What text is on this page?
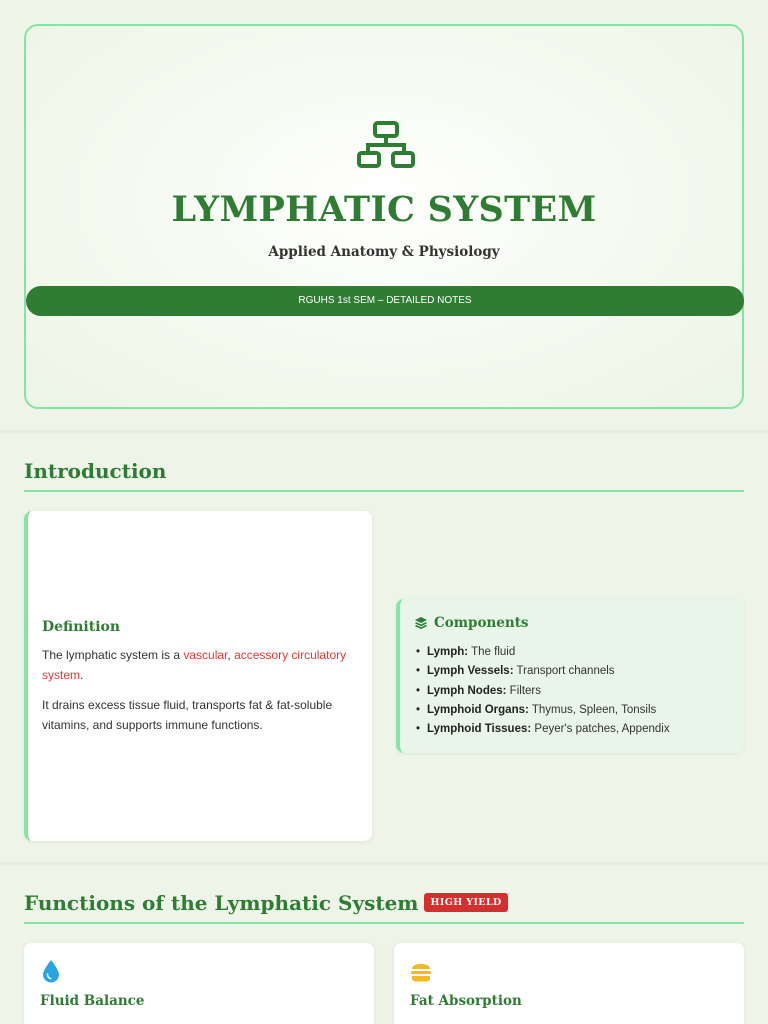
LYMPHATIC SYSTEM
Applied Anatomy & Physiology
RGUHS 1st SEM – DETAILED NOTES
Introduction
Definition

The lymphatic system is a vascular, accessory circulatory system.

It drains excess tissue fluid, transports fat & fat-soluble vitamins, and supports immune functions.

Components
• Lymph: The fluid
• Lymph Vessels: Transport channels
• Lymph Nodes: Filters
• Lymphoid Organs: Thymus, Spleen, Tonsils
• Lymphoid Tissues: Peyer's patches, Appendix
Functions of the Lymphatic System HIGH YIELD
Fluid Balance	Fat Absorption
